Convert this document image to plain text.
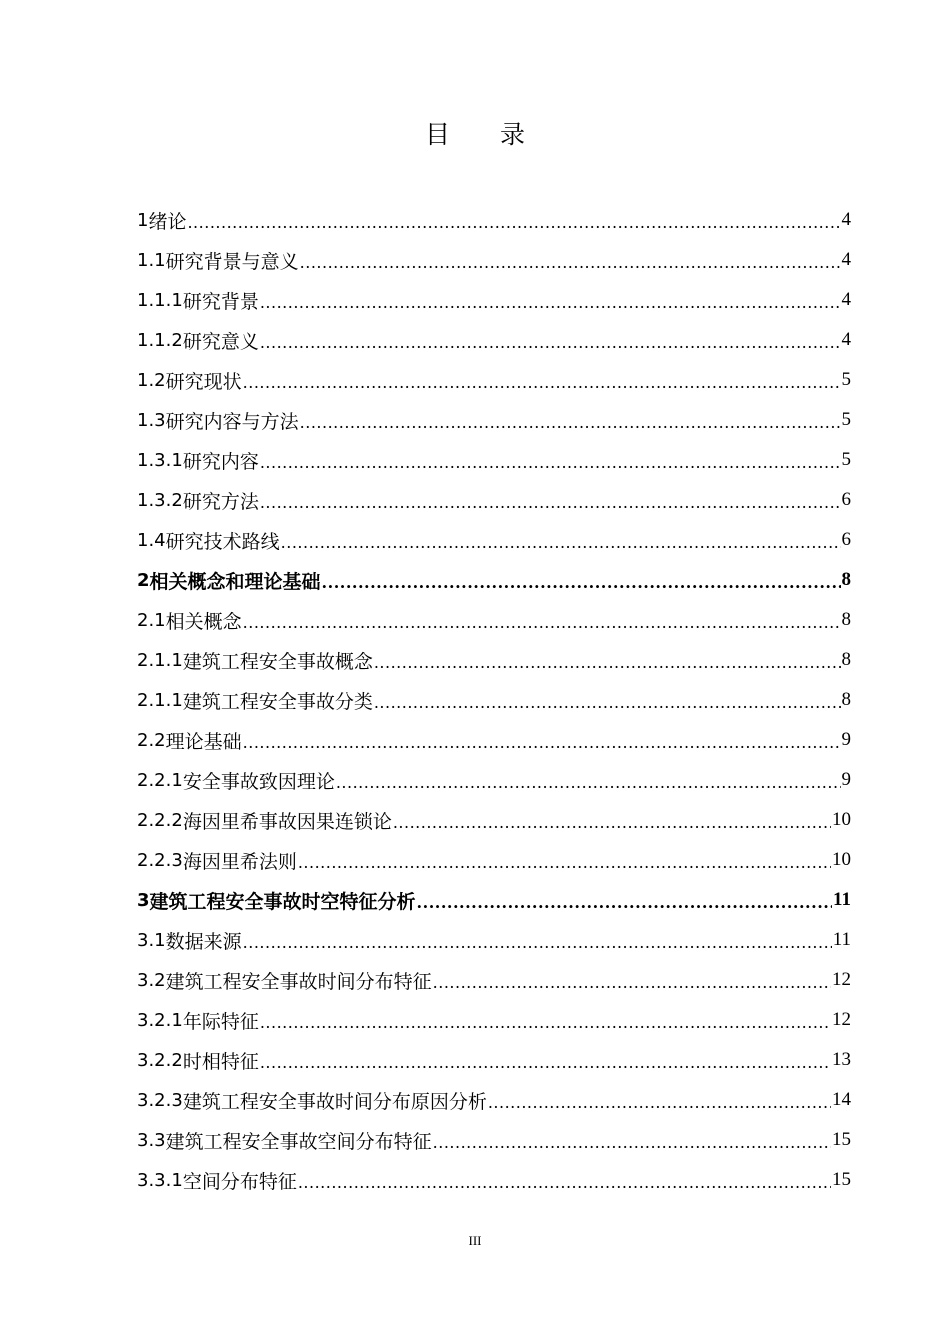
目录
1 绪论 .....	4
1.1 研究背景与意义 .....	4
1.1.1 研究背景 .....	4
1.1.2 研究意义 .....	4
1.2 研究现状 .....	5
1.3 研究内容与方法 .....	5
1.3.1 研究内容 .....	5
1.3.2 研究方法 .....	6
1.4 研究技术路线 .....	6
2 相关概念和理论基础 .....	8
2.1 相关概念 .....	8
2.1.1 建筑工程安全事故概念 .....	8
2.1.1 建筑工程安全事故分类 .....	8
2.2 理论基础 .....	9
2.2.1 安全事故致因理论 .....	9
2.2.2 海因里希事故因果连锁论 .....	10
2.2.3 海因里希法则 .....	10
3 建筑工程安全事故时空特征分析 .....	11
3.1 数据来源 .....	11
3.2 建筑工程安全事故时间分布特征 .....	12
3.2.1 年际特征 .....	12
3.2.2 时相特征 .....	13
3.2.3 建筑工程安全事故时间分布原因分析 .....	14
3.3 建筑工程安全事故空间分布特征 .....	15
3.3.1 空间分布特征 .....	15
III
